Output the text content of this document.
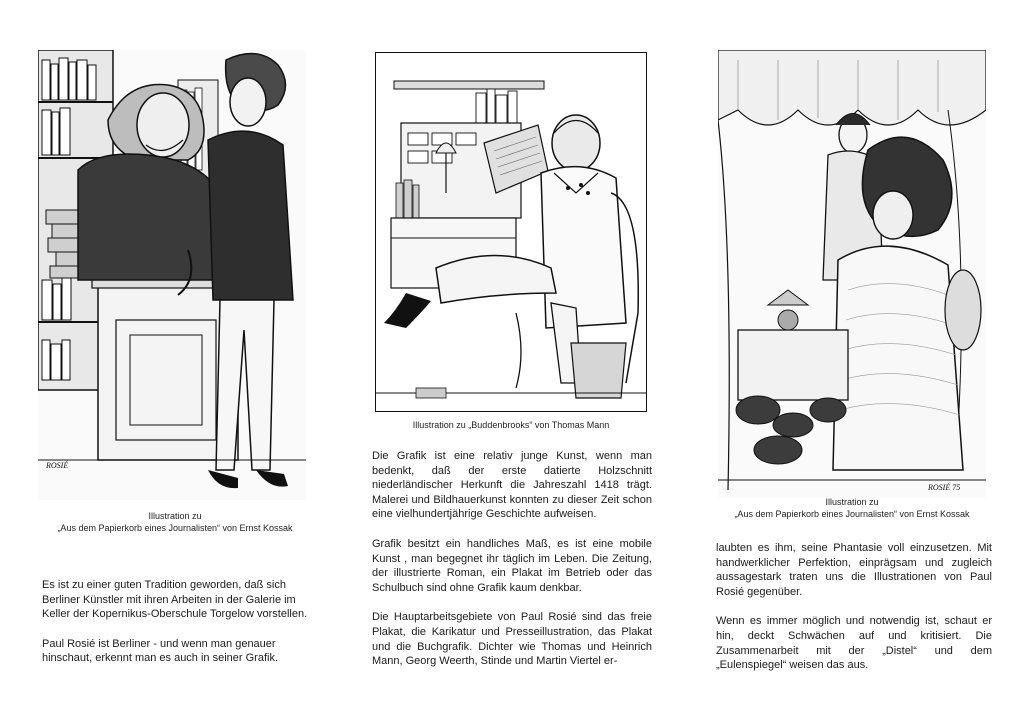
ROSIÉ
Illustration zu
„Aus dem Papierkorb eines Journalisten“ von Ernst Kossak
Illustration zu „Buddenbrooks“ von Thomas Mann
ROSIÉ 75
Illustration zu
„Aus dem Papierkorb eines Journalisten“ von Ernst Kossak

Es ist zu einer guten Tradition geworden, daß sich Berliner Künstler mit ihren Arbeiten in der Galerie im Keller der Kopernikus-Oberschule Torgelow vorstellen.

Paul Rosié ist Berliner - und wenn man genauer hinschaut, erkennt man es auch in seiner Grafik.

Die Grafik ist eine relativ junge Kunst, wenn man bedenkt, daß der erste datierte Holzschnitt niederländischer Herkunft die Jahreszahl 1418 trägt. Malerei und Bildhauerkunst konnten zu dieser Zeit schon eine vielhundertjährige Geschichte aufweisen.

Grafik besitzt ein handliches Maß, es ist eine mobile Kunst , man begegnet ihr täglich im Leben. Die Zeitung, der illustrierte Roman, ein Plakat im Betrieb oder das Schulbuch sind ohne Grafik kaum denkbar.

Die Hauptarbeitsgebiete von Paul Rosié sind das freie Plakat, die Karikatur und Presseillustration, das Plakat und die Buchgrafik. Dichter wie Thomas und Heinrich Mann, Georg Weerth, Stinde und Martin Viertel er-

laubten es ihm, seine Phantasie voll einzusetzen. Mit handwerklicher Perfektion, einprägsam und zugleich aussagestark traten uns die Illustrationen von Paul Rosié gegenüber.

Wenn es immer möglich und notwendig ist, schaut er hin, deckt Schwächen auf und kritisiert. Die Zusammenarbeit mit der „Distel“ und dem „Eulenspiegel“ weisen das aus.
